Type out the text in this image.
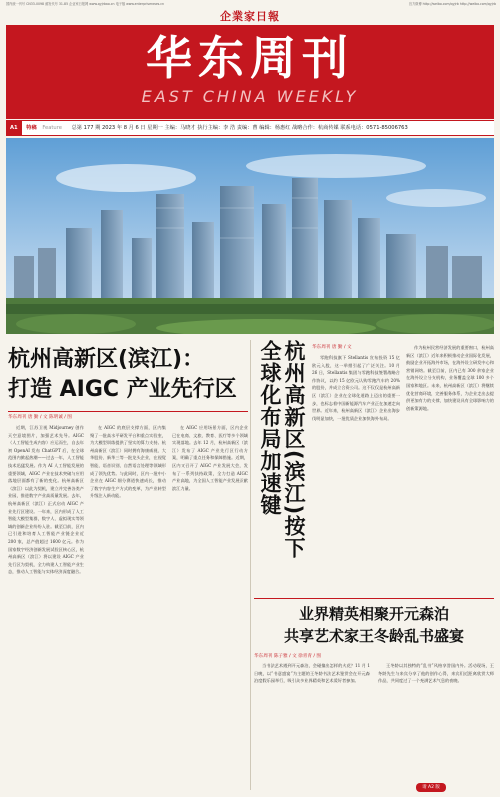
国内统一刊号 CN33-0098 邮发代号 31-85 企业家日报网 www.qyjrbao.cn 电子版 www.enterprisenews.cn	官方微博 http://weibo.com/qyjrb http://weibo.com/qyjrb
企業家日報
华东周刊
EAST CHINA WEEKLY
A1 特稿 Feature 总第 177 期 2023 年 8 月 6 日 星期一 主编：马晓才 执行主编：李 浩 责编：曹 编辑：杨惠红 战略合作：杭商传媒 联系电话：0571-85006763
杭州高新区(滨江)：
打造 AIGC 产业先行区
华东周刊 唐 勤 / 文 陈明诚 / 图

近期，江苏卫视 Midjourney 创作天空意境图片，加强艺术先导。AIGC（人工智能生成内容）应运而生，自去年初 OpenAI 发布 ChatGPT 后，在全球范围内掀起热潮——过去一年，人工智能技术迅猛发展。作为 AI 人工智能发展的重要领域，AIGC 产业在技术突破与应用落地层面都有了新的变化。杭州高新区（滨江）以此为契机，建立并完善各类产业园，推进数字产业高质量发展。去年，杭州高新区（滨江）正式启动 AIGC 产业先行区建设。一年来，区内形成了人工智能大模型集群，数字人、虚拟现实等领域的创新企业纷纷入驻。截至目前，区内已引进和培育人工智能产业链企业近 200 家，总产值超过 1600 亿元。作为国家数字经济创新发展试验区核心区，杭州高新区（滨江）将以建设 AIGC 产业先行区为契机，全力构建人工智能产业生态，推动人工智能与实体经济深度融合。

在 AIGC 的底层支撑方面，区内集聚了一批高水平研发平台和重点实验室，为大模型训练提供了坚实的算力支持。杭州高新区（滨江）同时拥有海康威视、大华股份、新华三等一批龙头企业，在视觉智能、语音识别、自然语言处理等领域形成了领先优势。与此同时，区内一批中小企业在 AIGC 细分赛道快速成长，推动了数字内容生产方式的变革，为产业转型升级注入新动能。

在 AIGC 应用场景方面，区内企业已在电商、文旅、教育、医疗等多个领域实现落地。去年 12 月，杭州高新区（滨江）发布了 AIGC 产业先行区行动方案，明确了重点任务和保障措施。近期，区内又召开了 AIGC 产业发展大会，发布了一系列扶持政策，全力打造 AIGC 产业高地，为全国人工智能产业发展贡献滨江力量。	杭州高新区(滨江)按下全球化布局加速键	华东周刊 唐 勤 / 文

零跑科技旗下 Stellantis 宣布投资 15 亿欧元入股，这一举措引起了广泛关注。10 月 26 日，Stellantis 集团与零跑科技签署战略合作协议，以约 15 亿欧元认购零跑汽车约 20% 的股份，并成立合资公司。这不仅仅是杭州高新区（滨江）企业在全球化道路上迈出的重要一步，也标志着中国新能源汽车产业正在加速走向世界。近年来，杭州高新区（滨江）企业出海步伐明显加快，一批优质企业加快海外布局。

作为杭州民营经济发展的重要窗口，杭州高新区（滨江）近年来积极推动企业国际化发展，鼓励企业开拓海外市场，在海外设立研发中心和营销网络。截至目前，区内已有 300 余家企业在海外设立分支机构，业务覆盖全球 100 多个国家和地区。未来，杭州高新区（滨江）将继续优化营商环境，完善服务体系，为企业走出去提供更加有力的支撑，加快建设具有全球影响力的创新策源地。

业界精英相聚开元森泊
共享艺术家王冬龄乱书盛宴
华东周刊 陈子雅 / 文 徐青青 / 图

当书法艺术遇到开元森泊，会碰撞出怎样的火花？11 月 1 日晚，以“书意盛宴”为主题的王冬龄书法艺术鉴赏会在开元森泊度假乐园举行，吸引众多业界精英和艺术爱好者参加。

王冬龄以其独特的“乱书”风格享誉国内外。活动现场，王冬龄先生与来宾分享了他的创作心得，来宾们近距离欣赏大师作品，共同度过了一个充满艺术气息的夜晚。

请 A2 版
